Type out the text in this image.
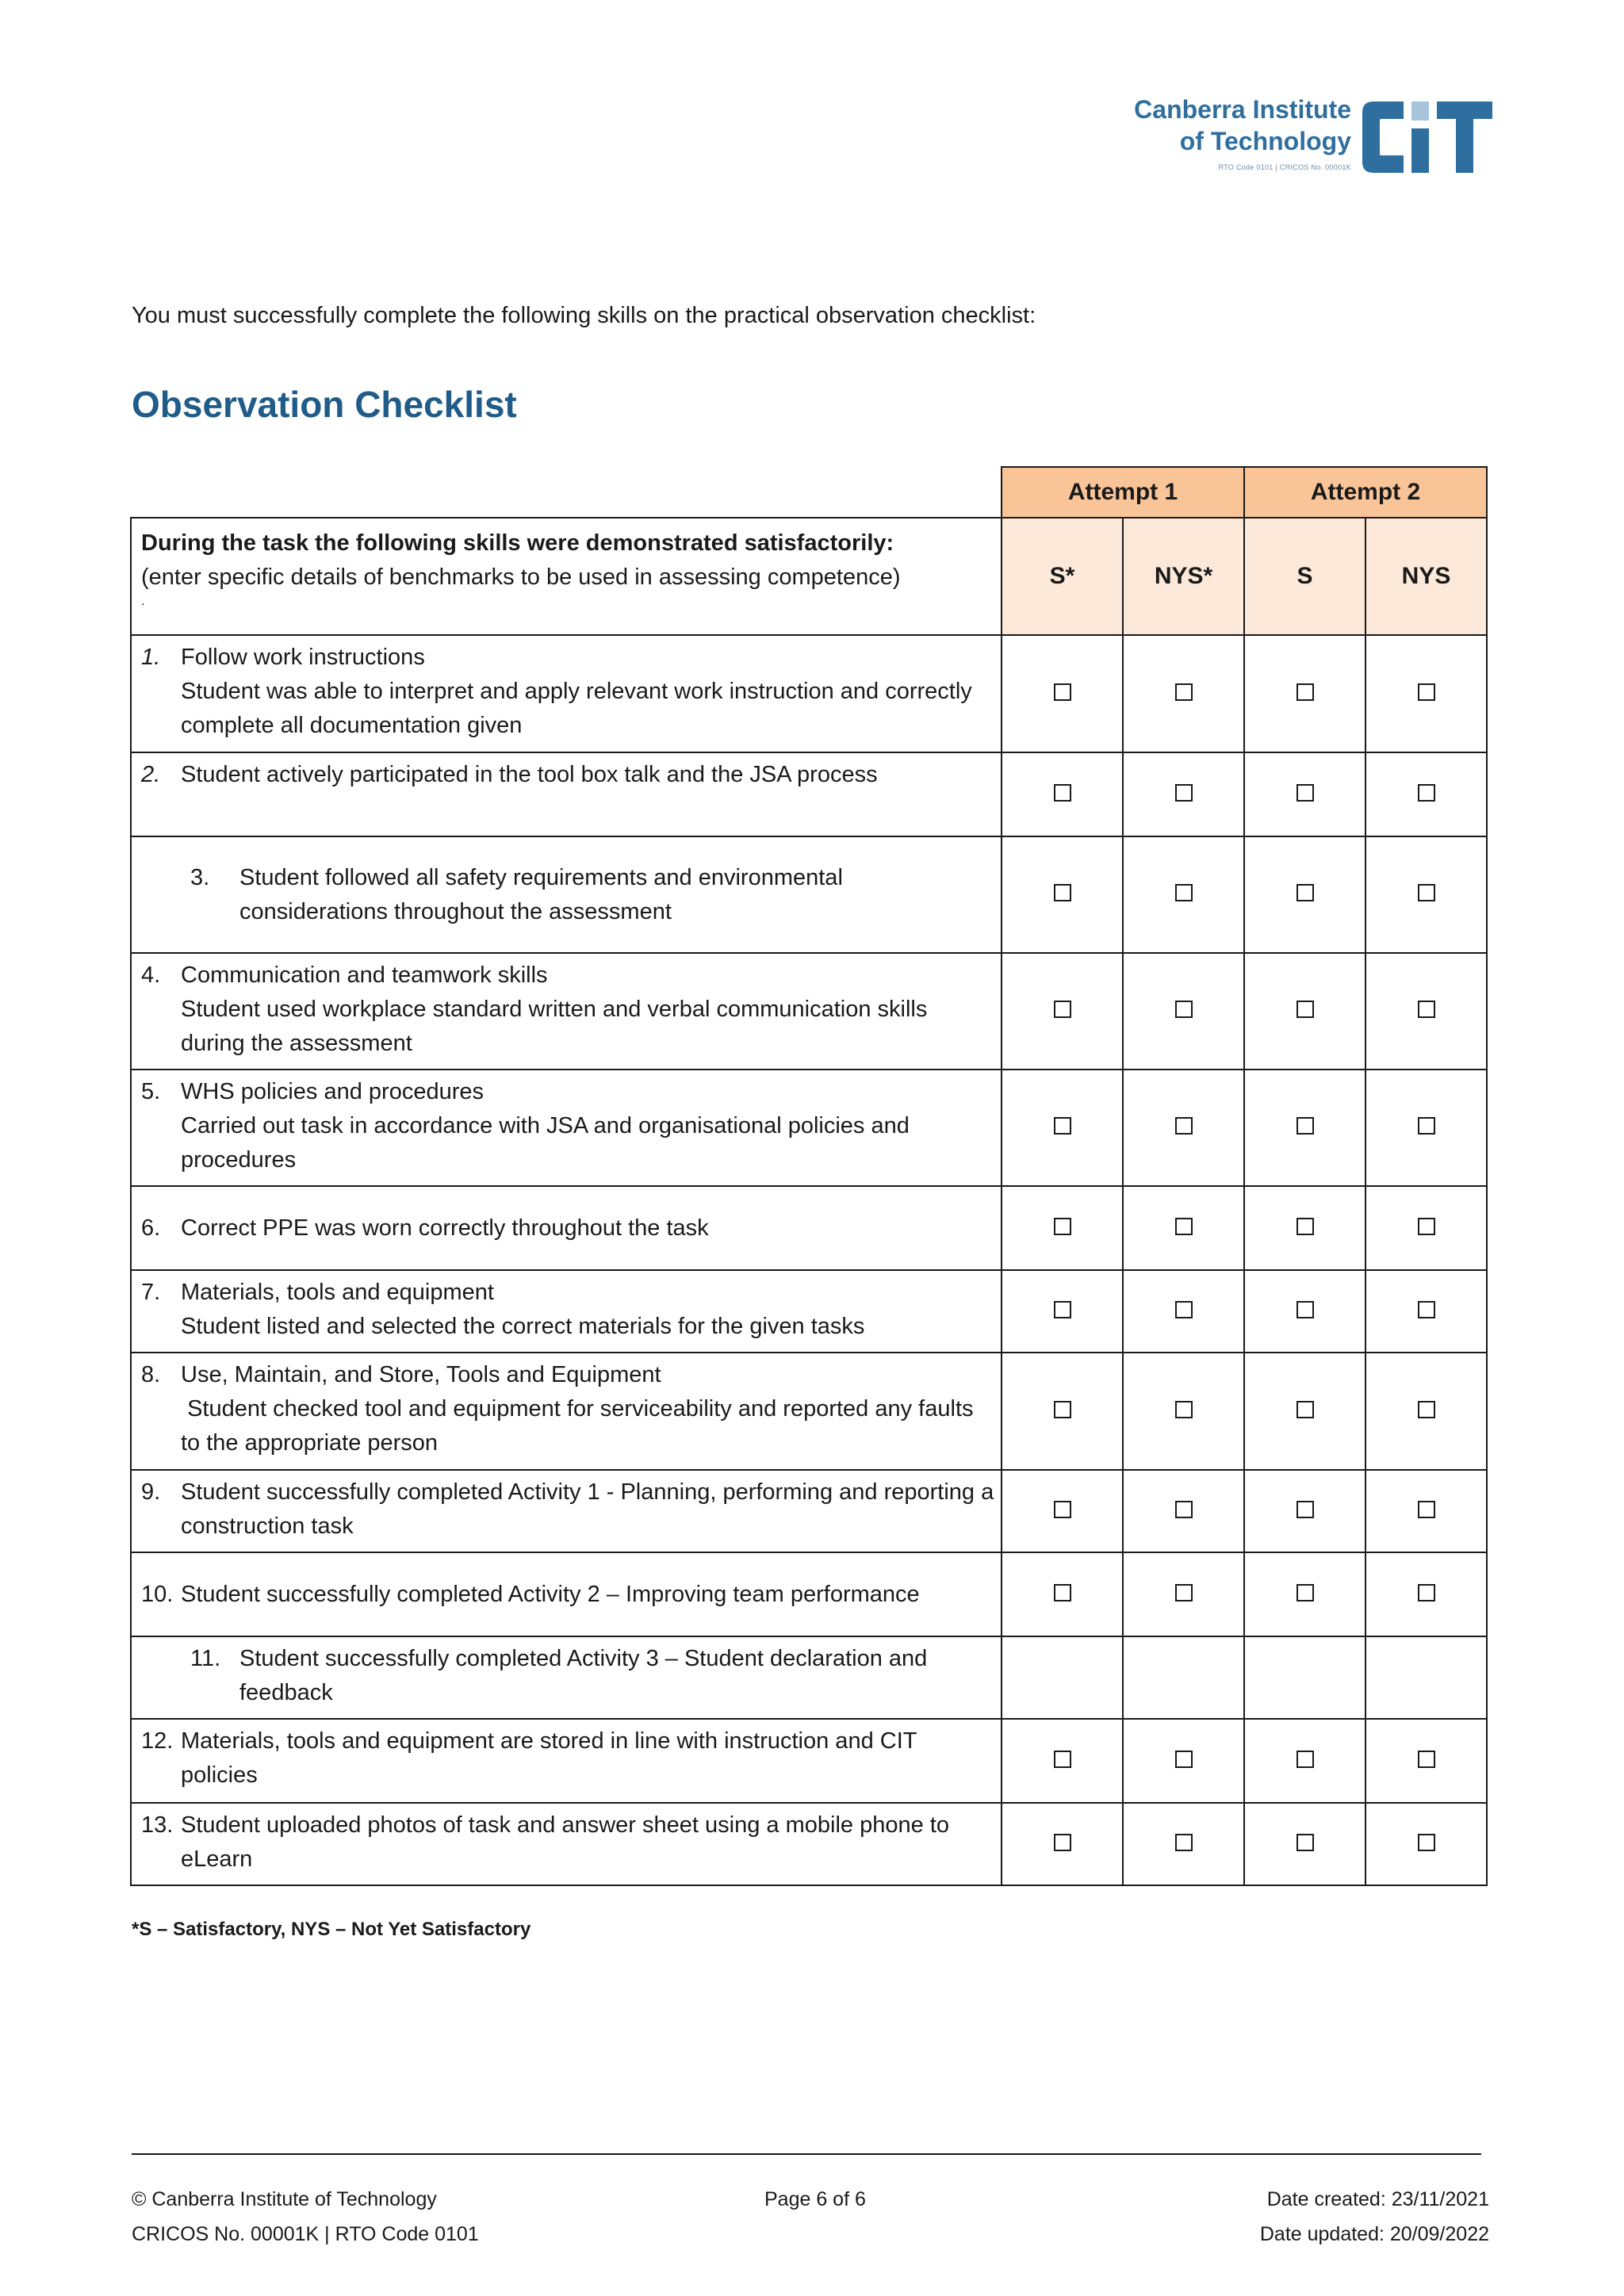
Canberra Institute
of Technology
RTO Code 0101 | CRICOS No. 00001K
You must successfully complete the following skills on the practical observation checklist:
Observation Checklist
	Attempt 1		Attempt 2	

During the task the following skills were demonstrated satisfactorily:
(enter specific details of benchmarks to be used in assessing competence)
.	S*	NYS*	S	NYS

1. Follow work instructions
Student was able to interpret and apply relevant work instruction and correctly complete all documentation given				

2. Student actively participated in the tool box talk and the JSA process				

3. Student followed all safety requirements and environmental considerations throughout the assessment				

4. Communication and teamwork skills
Student used workplace standard written and verbal communication skills during the assessment				

5. WHS policies and procedures
Carried out task in accordance with JSA and organisational policies and procedures				

6. Correct PPE was worn correctly throughout the task				

7. Materials, tools and equipment
Student listed and selected the correct materials for the given tasks				

8. Use, Maintain, and Store, Tools and Equipment
Student checked tool and equipment for serviceability and reported any faults to the appropriate person				

9. Student successfully completed Activity 1 - Planning, performing and reporting a construction task				

10. Student successfully completed Activity 2 – Improving team performance				

11. Student successfully completed Activity 3 – Student declaration and feedback				

12. Materials, tools and equipment are stored in line with instruction and CIT policies				

13. Student uploaded photos of task and answer sheet using a mobile phone to eLearn				

*S – Satisfactory, NYS – Not Yet Satisfactory
© Canberra Institute of Technology
CRICOS No. 00001K | RTO Code 0101
Page 6 of 6	Date created: 23/11/2021
Date updated: 20/09/2022
